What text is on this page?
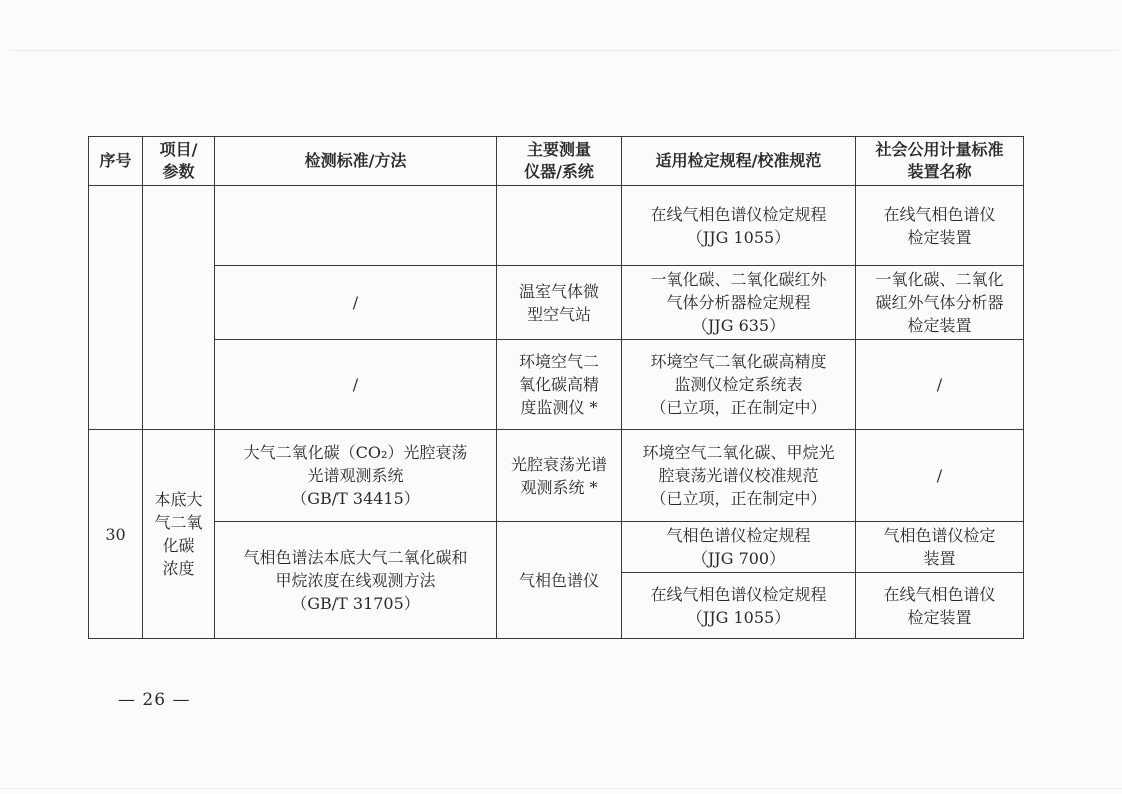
序号	项目/
参数	检测标准/方法	主要测量
仪器/系统	适用检定规程/校准规范	社会公用计量标准
装置名称

				在线气相色谱仪检定规程
（JJG 1055）	在线气相色谱仪
检定装置

		/	温室气体微
型空气站	一氧化碳、二氧化碳红外
气体分析器检定规程
（JJG 635）	一氧化碳、二氧化
碳红外气体分析器
检定装置

		/	环境空气二
氧化碳高精
度监测仪 *	环境空气二氧化碳高精度
监测仪检定系统表
（已立项，正在制定中）	/
30	本底大
气二氧
化碳
浓度	大气二氧化碳（CO₂）光腔衰荡
光谱观测系统
（GB/T 34415）	光腔衰荡光谱
观测系统 *	环境空气二氧化碳、甲烷光
腔衰荡光谱仪校准规范
（已立项，正在制定中）	/

		气相色谱法本底大气二氧化碳和
甲烷浓度在线观测方法
（GB/T 31705）	气相色谱仪	气相色谱仪检定规程
（JJG 700）	气相色谱仪检定
装置

				在线气相色谱仪检定规程
（JJG 1055）	在线气相色谱仪
检定装置
— 26 —
